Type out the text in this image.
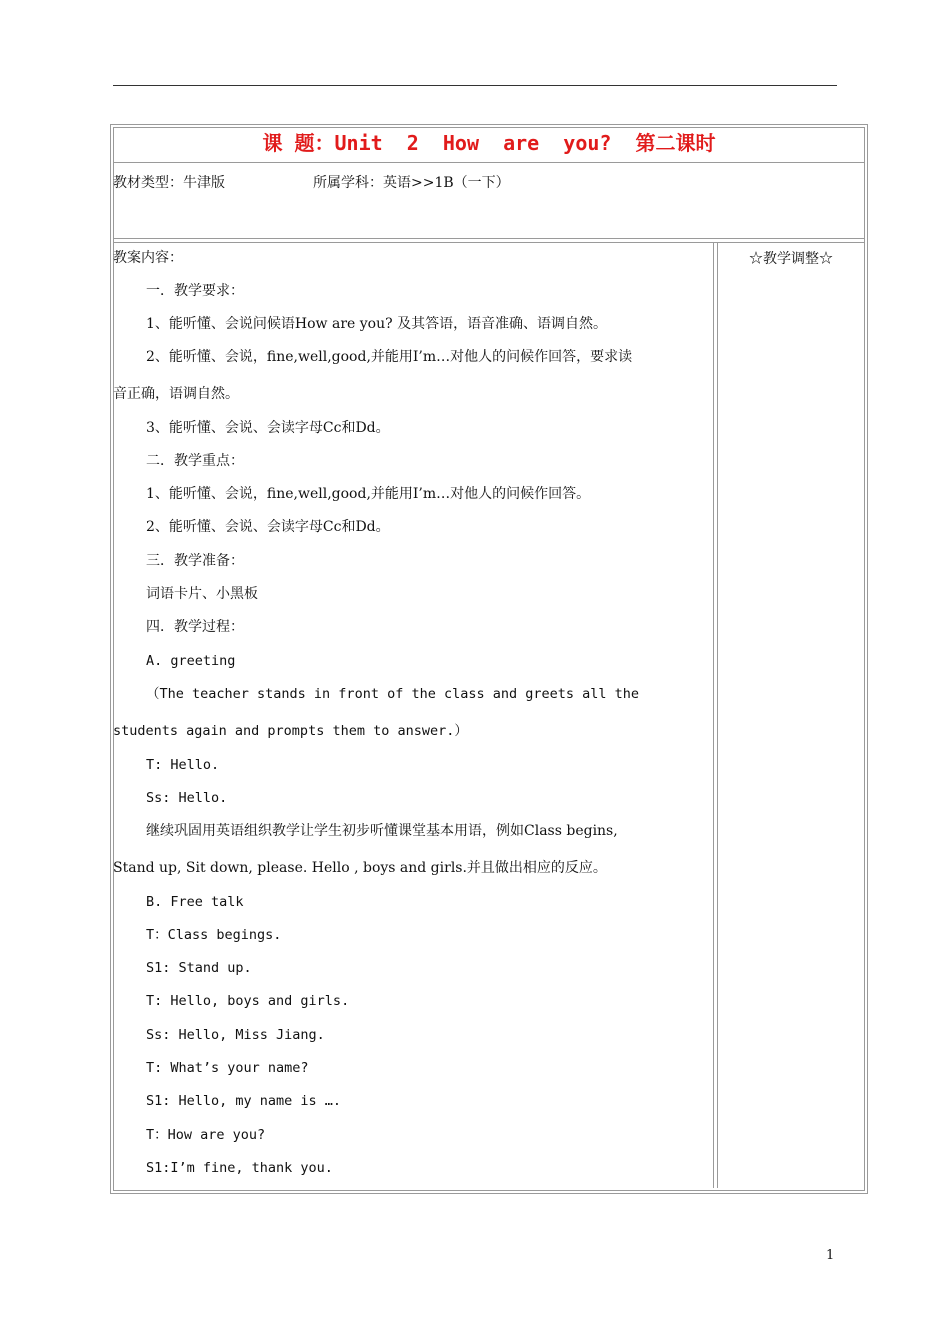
课 题：Unit  2  How  are  you?  第二课时
教材类型：牛津版	所属学科：英语>>1B（一下）
☆教学调整☆
教案内容：
一．教学要求：
1、能听懂、会说问候语How are you? 及其答语，语音准确、语调自然。
2、能听懂、会说，fine,well,good,并能用I’m…对他人的问候作回答，要求读
音正确，语调自然。
3、能听懂、会说、会读字母Cc和Dd。
二．教学重点：
1、能听懂、会说，fine,well,good,并能用I’m…对他人的问候作回答。
2、能听懂、会说、会读字母Cc和Dd。
三．教学准备：
词语卡片、小黑板
四．教学过程：
A. greeting
（The teacher stands in front of the class and greets all the
students again and prompts them to answer.）
T: Hello.
Ss: Hello.
继续巩固用英语组织教学让学生初步听懂课堂基本用语，例如Class begins,
Stand up, Sit down, please. Hello , boys and girls.并且做出相应的反应。
B. Free talk
T：Class begings.
S1: Stand up.
T: Hello, boys and girls.
Ss: Hello, Miss Jiang.
T: What’s your name?
S1: Hello, my name is ….
T：How are you?
S1:I’m fine, thank you.
1
